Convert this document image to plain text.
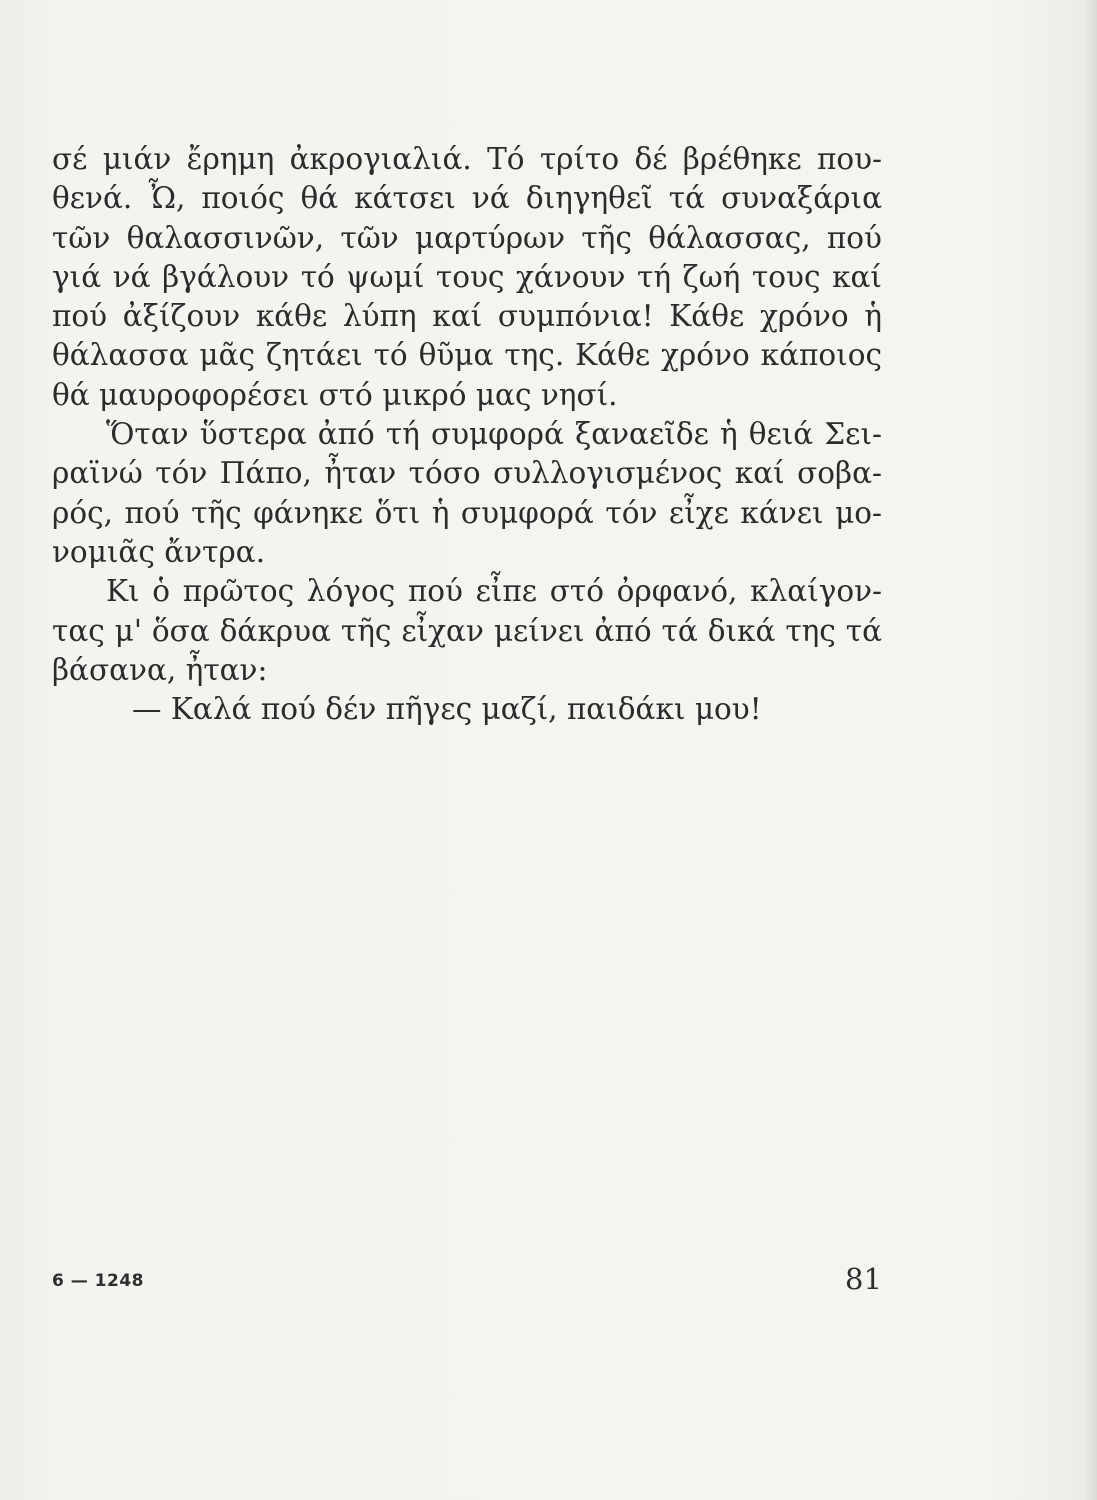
σέ μιάν ἔρημη ἀκρογιαλιά. Τό τρίτο δέ βρέθηκε που-
θενά. Ὦ, ποιός θά κάτσει νά διηγηθεῖ τά συναξάρια
τῶν θαλασσινῶν, τῶν μαρτύρων τῆς θάλασσας, πού
γιά νά βγάλουν τό ψωμί τους χάνουν τή ζωή τους καί
πού ἀξίζουν κάθε λύπη καί συμπόνια! Κάθε χρόνο ἡ
θάλασσα μᾶς ζητάει τό θῦμα της. Κάθε χρόνο κάποιος
θά μαυροφορέσει στό μικρό μας νησί.
Ὅταν ὕστερα ἀπό τή συμφορά ξαναεῖδε ἡ θειά Σει-
ραϊνώ τόν Πάπο, ἦταν τόσο συλλογισμένος καί σοβα-
ρός, πού τῆς φάνηκε ὅτι ἡ συμφορά τόν εἶχε κάνει μο-
νομιᾶς ἄντρα.
Κι ὁ πρῶτος λόγος πού εἶπε στό ὀρφανό, κλαίγον-
τας μ' ὅσα δάκρυα τῆς εἶχαν μείνει ἀπό τά δικά της τά
βάσανα, ἦταν:
— Καλά πού δέν πῆγες μαζί, παιδάκι μου!
6 — 1248	81
